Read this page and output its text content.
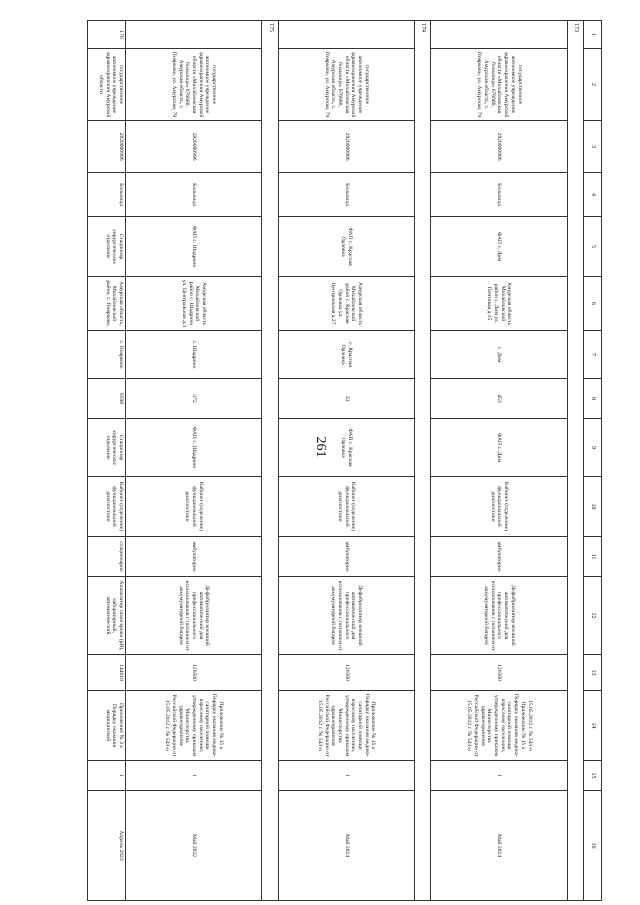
261
1	2	3	4	5	6	7	8	9	10	11	12	13	14	15	16
173															
	государственное автономное учреждение здравоохранения Амурской области «Михайловская больница» 676680, Амурская область, с. Поярково, ул. Амурская, 79	2820000996	Больница	ФАП с. Дим	Амурская область Михайловский район с. Дим ул. Почтовая д.15	с. Дим	453	ФАП с. Дим	Кабинет (отделение) функциональной диагностики	амбулаторно	Дефибриллятор внешний автоматический для профессионального использования с питанием от аккумуляторной батареи	126500	15.05.2012 г. № 543-н Приложение № 15 к Порядку оказания медико-санитарной помощи взрослому населению, утвержденному приказом Министерства здравоохранения Российской Федерации от 15.05.2012 г. № 543-н	1	Май 2024
174															
	государственное автономное учреждение здравоохранения Амурской области «Михайловская больница» 676680, Амурская область, с. Поярково, ул. Амурская, 79	2820000996	Больница	ФАП с. Красная Орловка	Амурская область Михайловский район с. Красная Орловка ул. Центральная д.27	с. Красная Орловка	33	ФАП с. Красная Орловка	Кабинет (отделение) функциональной диагностики	амбулаторно	Дефибриллятор внешний автоматический для профессионального использования с питанием от аккумуляторной батареи	126500	Приложение № 15 к Порядку оказания медико-санитарной помощи взрослому населению, утвержденному приказом Министерства здравоохранения Российской Федерации от 15.05.2012 г. № 543-н	1	Май 2024
175															
	государственное автономное учреждение здравоохранения Амурской области «Михайловская больница» 676680, Амурская область, с. Поярково, ул. Амурская, 79	2820000996	Больница	ФАП с. Шадрино	Амурская область Михайловский район с. Шадрино ул. Центральная д.3	с. Шадрино	372	ФАП с. Шадрино	Кабинет (отделение) функциональной диагностики	амбулаторно	Дефибриллятор внешний автоматический для профессионального использования с питанием от аккумуляторной батареи	126500	Приложение № 15 к Порядку оказания медико-санитарной помощи взрослому населению, утвержденному приказом Министерства здравоохранения Российской Федерации от 15.05.2012 г. № 543-н	1	Май 2022
176	государственное автономное учреждение здравоохранения Амурской области	2820000996	Больница	Стационар хирургическое отделение	Амурская область, Михайловский район, с. Поярково,	с. Поярково	6598	Стационар хирургическое отделение	Кабинет (отделение) функциональной диагностики	стационарно	Анализатор газов крови (рН), лабораторный, автоматический	144610	Приложение № 3 к Порядку оказания медицинской	1	Апрель 2023
